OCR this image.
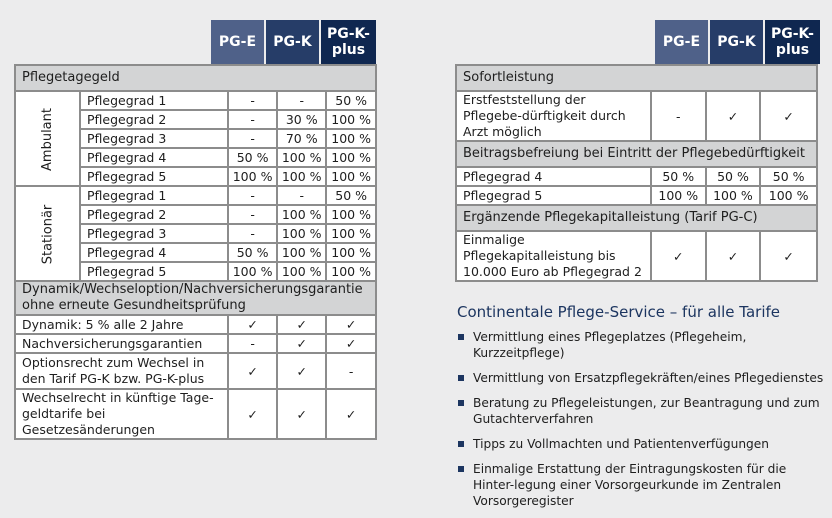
PG-E	PG-K	PG-K-
plus
Pflegetagegeld				
Ambulant	Pflegegrad 1	-	-	50 %
	Pflegegrad 2	-	30 %	100 %
	Pflegegrad 3	-	70 %	100 %
	Pflegegrad 4	50 %	100 %	100 %
	Pflegegrad 5	100 %	100 %	100 %
Stationär	Pflegegrad 1	-	-	50 %
	Pflegegrad 2	-	100 %	100 %
	Pflegegrad 3	-	100 %	100 %
	Pflegegrad 4	50 %	100 %	100 %
	Pflegegrad 5	100 %	100 %	100 %
Dynamik/Wechseloption/Nachversicherungsgarantie ohne erneute Gesundheitsprüfung				
Dynamik: 5 % alle 2 Jahre		✓	✓	✓
Nachversicherungsgarantien		-	✓	✓
Optionsrecht zum Wechsel in den Tarif PG-K bzw. PG-K-plus		✓	✓	-
Wechselrecht in künftige Tage-geldtarife bei Gesetzesänderungen		✓	✓	✓
PG-E	PG-K	PG-K-
plus
Sofortleistung			
Erstfeststellung der Pflegebe-dürftigkeit durch Arzt möglich	-	✓	✓
Beitragsbefreiung bei Eintritt der Pflegebedürftigkeit			
Pflegegrad 4	50 %	50 %	50 %
Pflegegrad 5	100 %	100 %	100 %
Ergänzende Pflegekapitalleistung (Tarif PG-C)			
Einmalige Pflegekapitalleistung bis 10.000 Euro ab Pflegegrad 2	✓	✓	✓
Continentale Pflege-Service – für alle Tarife
Vermittlung eines Pflegeplatzes (Pflegeheim, Kurzzeitpflege)
Vermittlung von Ersatzpflegekräften/eines Pflegedienstes
Beratung zu Pflegeleistungen, zur Beantragung und zum Gutachterverfahren
Tipps zu Vollmachten und Patientenverfügungen
Einmalige Erstattung der Eintragungskosten für die Hinter-legung einer Vorsorgeurkunde im Zentralen Vorsorgeregister
